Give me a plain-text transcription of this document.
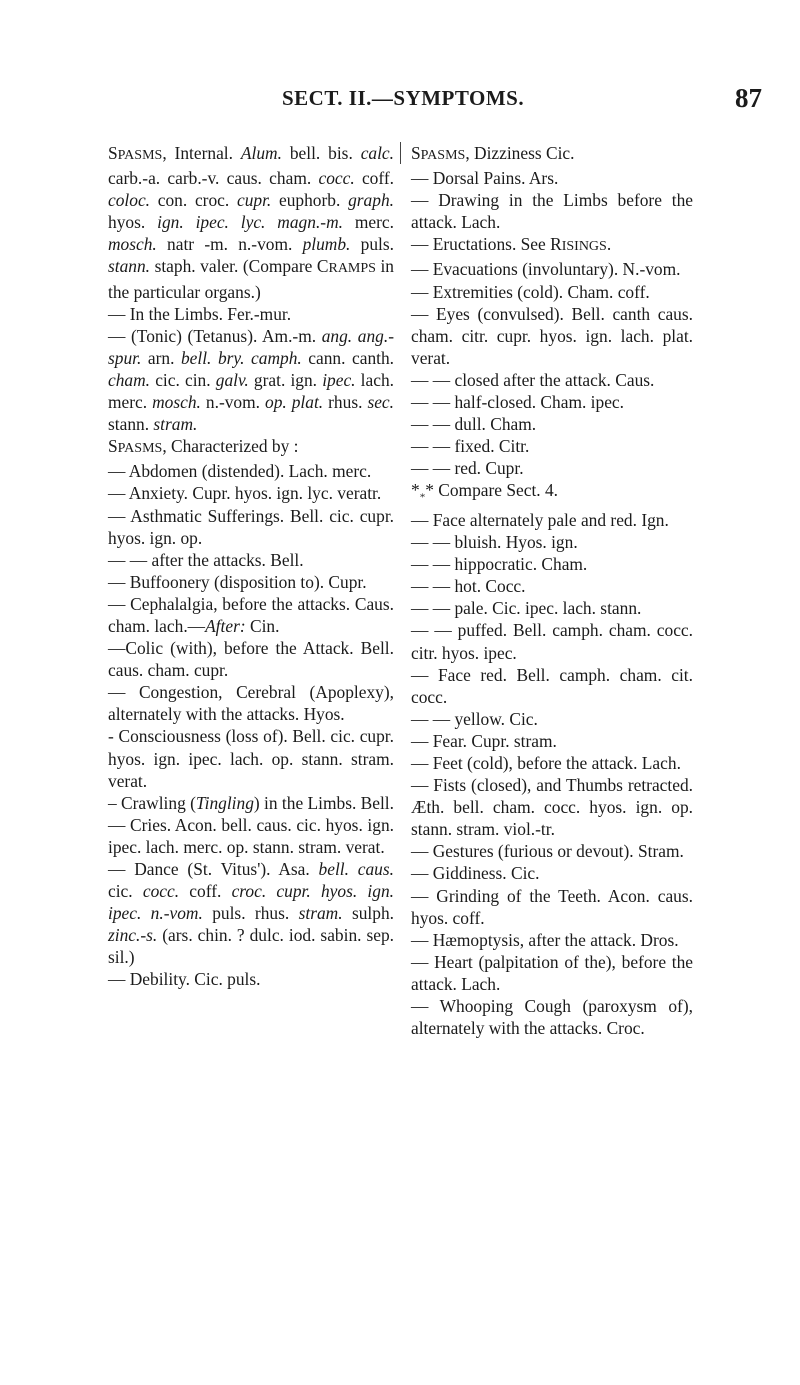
SECT. II.—SYMPTOMS.	87
SPASMS, Internal. Alum. bell. bis. calc. carb.-a. carb.-v. caus. cham. cocc. coff. coloc. con. croc. cupr. euphorb. graph. hyos. ign. ipec. lyc. magn.-m. merc. mosch. natr -m. n.-vom. plumb. puls. stann. staph. valer. (Compare CRAMPS in the particular organs.)
— In the Limbs. Fer.-mur.
— (Tonic) (Tetanus). Am.-m. ang. ang.-spur. arn. bell. bry. camph. cann. canth. cham. cic. cin. galv. grat. ign. ipec. lach. merc. mosch. n.-vom. op. plat. rhus. sec. stann. stram.
SPASMS, Characterized by :
— Abdomen (distended). Lach. merc.
— Anxiety. Cupr. hyos. ign. lyc. veratr.
— Asthmatic Sufferings. Bell. cic. cupr. hyos. ign. op.
— — after the attacks. Bell.
— Buffoonery (disposition to). Cupr.
— Cephalalgia, before the attacks. Caus. cham. lach.—After: Cin.
—Colic (with), before the Attack. Bell. caus. cham. cupr.
— Congestion, Cerebral (Apoplexy), alternately with the attacks. Hyos.
- Consciousness (loss of). Bell. cic. cupr. hyos. ign. ipec. lach. op. stann. stram. verat.
– Crawling (Tingling) in the Limbs. Bell.
— Cries. Acon. bell. caus. cic. hyos. ign. ipec. lach. merc. op. stann. stram. verat.
— Dance (St. Vitus'). Asa. bell. caus. cic. cocc. coff. croc. cupr. hyos. ign. ipec. n.-vom. puls. rhus. stram. sulph. zinc.-s. (ars. chin. ? dulc. iod. sabin. sep. sil.)
— Debility. Cic. puls.
SPASMS, Dizziness Cic.
— Dorsal Pains. Ars.
— Drawing in the Limbs before the attack. Lach.
— Eructations. See RISINGS.
— Evacuations (involuntary). N.-vom.
— Extremities (cold). Cham. coff.
— Eyes (convulsed). Bell. canth caus. cham. citr. cupr. hyos. ign. lach. plat. verat.
— — closed after the attack. Caus.
— — half-closed. Cham. ipec.
— — dull. Cham.
— — fixed. Citr.
— — red. Cupr.
$*_**$ Compare Sect. 4.
— Face alternately pale and red. Ign.
— — bluish. Hyos. ign.
— — hippocratic. Cham.
— — hot. Cocc.
— — pale. Cic. ipec. lach. stann.
— — puffed. Bell. camph. cham. cocc. citr. hyos. ipec.
— Face red. Bell. camph. cham. cit. cocc.
— — yellow. Cic.
— Fear. Cupr. stram.
— Feet (cold), before the attack. Lach.
— Fists (closed), and Thumbs retracted. Æth. bell. cham. cocc. hyos. ign. op. stann. stram. viol.-tr.
— Gestures (furious or devout). Stram.
— Giddiness. Cic.
— Grinding of the Teeth. Acon. caus. hyos. coff.
— Hæmoptysis, after the attack. Dros.
— Heart (palpitation of the), before the attack. Lach.
— Whooping Cough (paroxysm of), alternately with the attacks. Croc.
